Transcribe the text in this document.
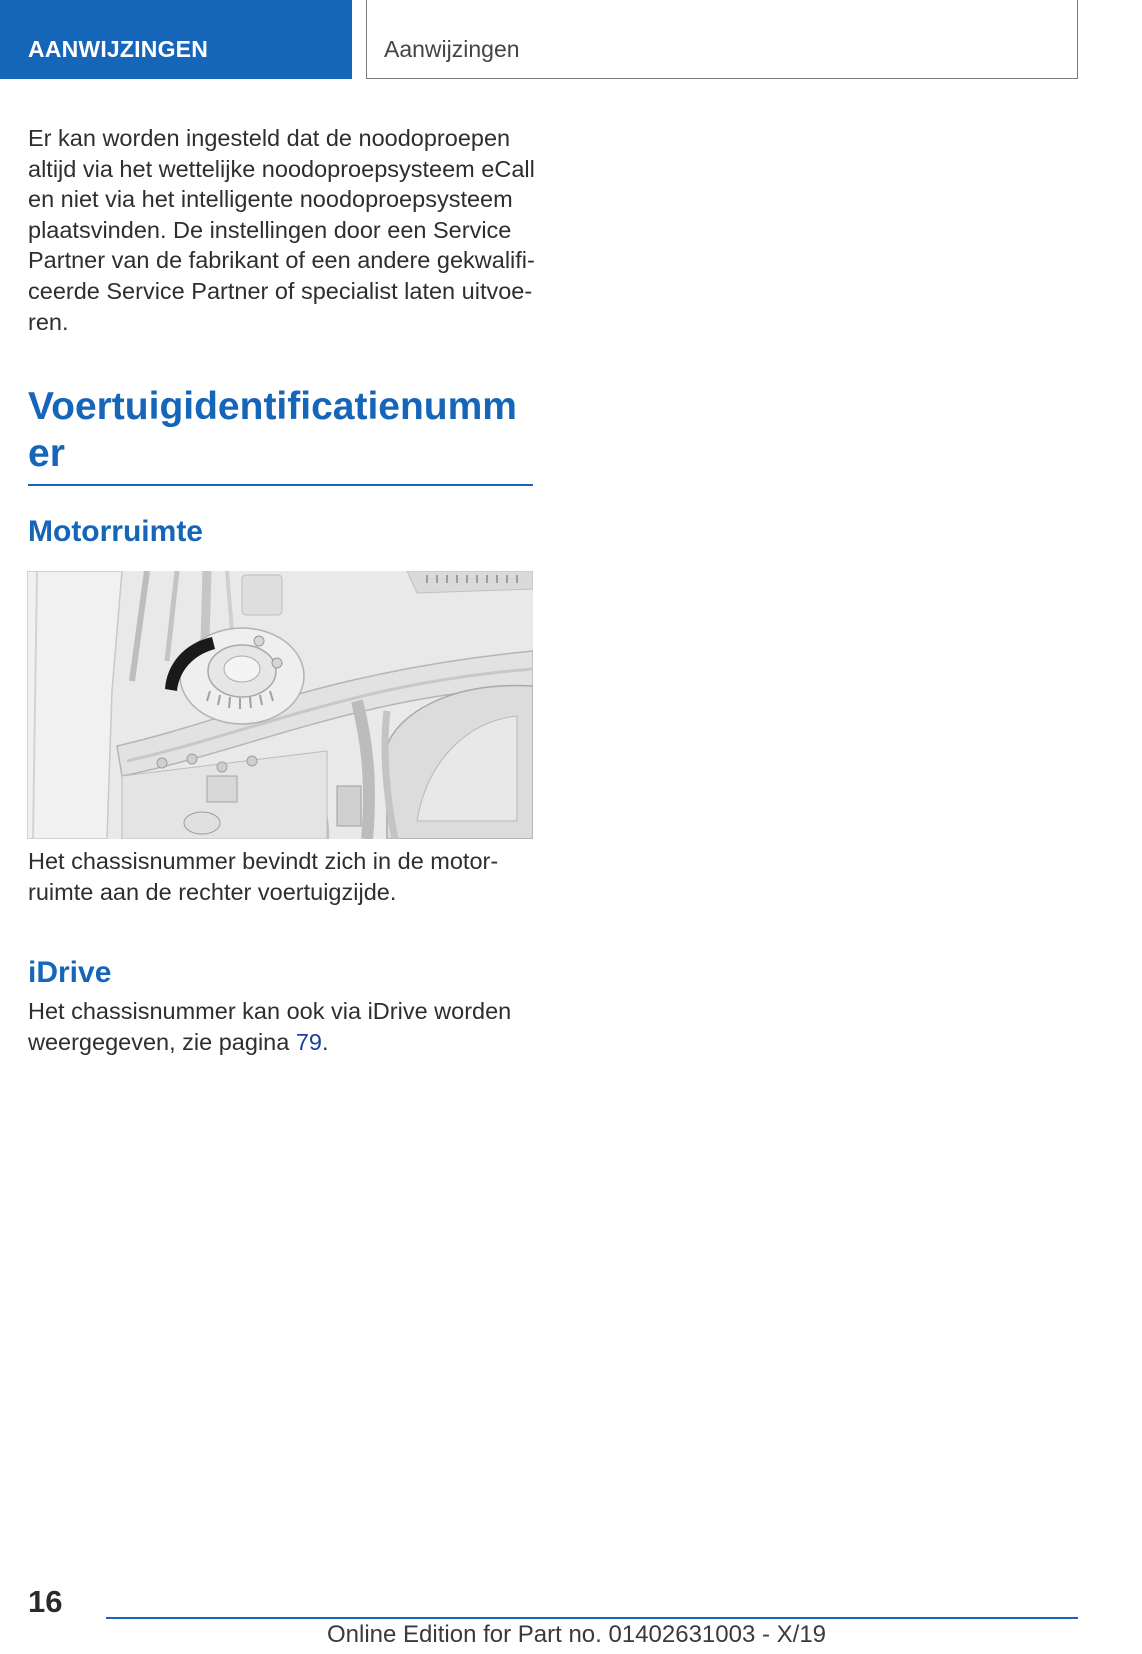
AANWIJZINGEN	Aanwijzingen
Er kan worden ingesteld dat de noodoproepen
altijd via het wettelijke noodoproepsysteem eCall
en niet via het intelligente noodoproepsysteem
plaatsvinden. De instellingen door een Service
Partner van de fabrikant of een andere gekwalifi-
ceerde Service Partner of specialist laten uitvoe-
ren.
Voertuigidentificatienumm
er
Motorruimte
Het chassisnummer bevindt zich in de motor-
ruimte aan de rechter voertuigzijde.
iDrive
Het chassisnummer kan ook via iDrive worden
weergegeven, zie pagina 79.
16
Online Edition for Part no. 01402631003 - X/19
